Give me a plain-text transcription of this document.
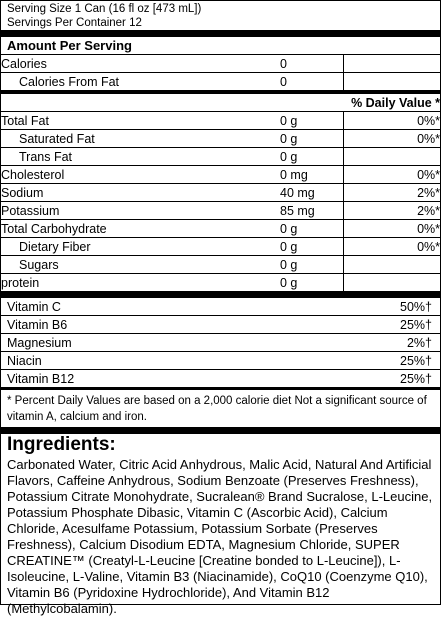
Serving Size 1 Can (16 fl oz [473 mL])
Servings Per Container 12
Amount Per Serving
Calories	0	
Calories From Fat	0	
	% Daily Value *
Total Fat	0 g	0%*
Saturated Fat	0 g	0%*
Trans Fat	0 g	
Cholesterol	0 mg	0%*
Sodium	40 mg	2%*
Potassium	85 mg	2%*
Total Carbohydrate	0 g	0%*
Dietary Fiber	0 g	0%*
Sugars	0 g	
protein	0 g	
Vitamin C	50%†
Vitamin B6	25%†
Magnesium	2%†
Niacin	25%†
Vitamin B12	25%†
* Percent Daily Values are based on a 2,000 calorie diet Not a significant source of vitamin A, calcium and iron.
Ingredients:
Carbonated Water, Citric Acid Anhydrous, Malic Acid, Natural And Artificial Flavors, Caffeine Anhydrous, Sodium Benzoate (Preserves Freshness), Potassium Citrate Monohydrate, Sucralean® Brand Sucralose, L-Leucine, Potassium Phosphate Dibasic, Vitamin C (Ascorbic Acid), Calcium Chloride, Acesulfame Potassium, Potassium Sorbate (Preserves Freshness), Calcium Disodium EDTA, Magnesium Chloride, SUPER CREATINE™ (Creatyl-L-Leucine [Creatine bonded to L-Leucine]), L-Isoleucine, L-Valine, Vitamin B3 (Niacinamide), CoQ10 (Coenzyme Q10), Vitamin B6 (Pyridoxine Hydrochloride), And Vitamin B12 (Methylcobalamin).
